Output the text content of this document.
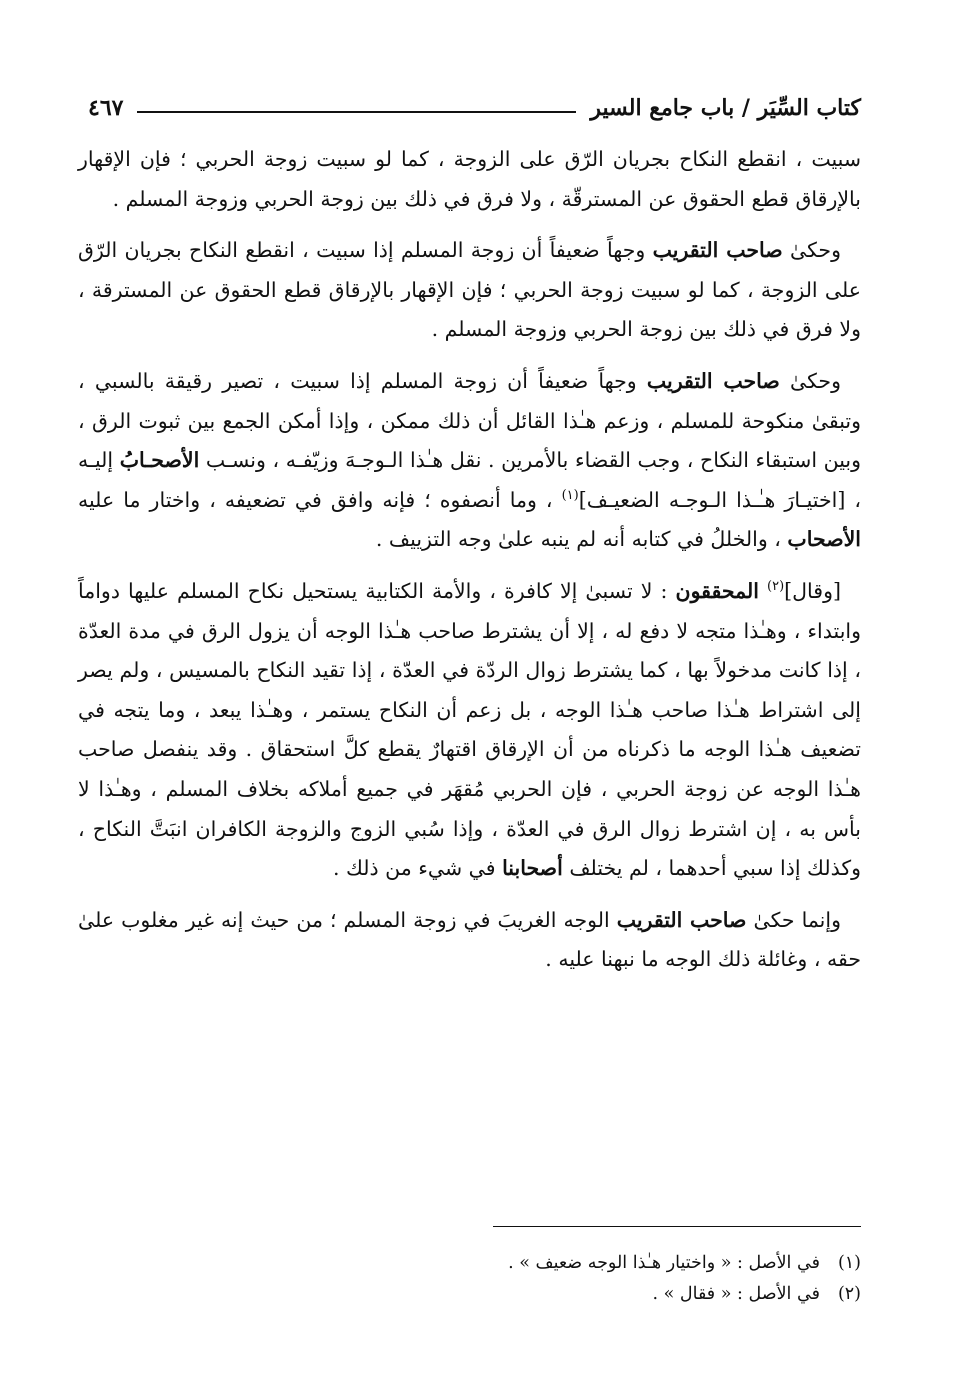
كتاب السِّيَر / باب جامع السير
٤٦٧

سبيت ، انقطع النكاح بجريان الرّق على الزوجة ، كما لو سبيت زوجة الحربي ؛ فإن الإقهار بالإرقاق قطع الحقوق عن المسترقّة ، ولا فرق في ذلك بين زوجة الحربي وزوجة المسلم .

وحكىٰ صاحب التقريب وجهاً ضعيفاً أن زوجة المسلم إذا سبيت ، انقطع النكاح بجريان الرّق على الزوجة ، كما لو سبيت زوجة الحربي ؛ فإن الإقهار بالإرقاق قطع الحقوق عن المسترقة ، ولا فرق في ذلك بين زوجة الحربي وزوجة المسلم .

وحكىٰ صاحب التقريب وجهاً ضعيفاً أن زوجة المسلم إذا سبيت ، تصير رقيقة بالسبي ، وتبقىٰ منكوحة للمسلم ، وزعم هـٰذا القائل أن ذلك ممكن ، وإذا أمكن الجمع بين ثبوت الرق ، وبين استبقاء النكاح ، وجب القضاء بالأمرين . نقل هـٰذا الـوجـهَ وزيّفـه ، ونسـب الأصحـابُ إليـه ، [اختيـارَ هـٰـذا الـوجـه الضعيـف]$^{(١)}$ ، وما أنصفوه ؛ فإنه وافق في تضعيفه ، واختار ما عليه الأصحاب ، والخللُ في كتابه أنه لم ينبه علىٰ وجه التزييف .

[وقال]$^{(٢)}$ المحققون : لا تسبىٰ إلا كافرة ، والأمة الكتابية يستحيل نكاح المسلم عليها دواماً وابتداء ، وهـٰذا متجه لا دفع له ، إلا أن يشترط صاحب هـٰذا الوجه أن يزول الرق في مدة العدّة ، إذا كانت مدخولاً بها ، كما يشترط زوال الردّة في العدّة ، إذا تقيد النكاح بالمسيس ، ولم يصر إلى اشتراط هـٰذا صاحب هـٰذا الوجه ، بل زعم أن النكاح يستمر ، وهـٰذا يبعد ، وما يتجه في تضعيف هـٰذا الوجه ما ذكرناه من أن الإرقاق اقتهارٌ يقطع كلَّ استحقاق . وقد ينفصل صاحب هـٰذا الوجه عن زوجة الحربي ، فإن الحربي مُقهَر في جميع أملاكه بخلاف المسلم ، وهـٰذا لا بأس به ، إن اشترط زوال الرق في العدّة ، وإذا سُبي الزوج والزوجة الكافران انبَتَّ النكاح ، وكذلك إذا سبي أحدهما ، لم يختلف أصحابنا في شيء من ذلك .

وإنما حكىٰ صاحب التقريب الوجه الغريبَ في زوجة المسلم ؛ من حيث إنه غير مغلوب علىٰ حقه ، وغائلة ذلك الوجه ما نبهنا عليه .

(١)
في الأصل : « واختيار هـٰذا الوجه ضعيف » .
(٢)
في الأصل : « فقال » .
